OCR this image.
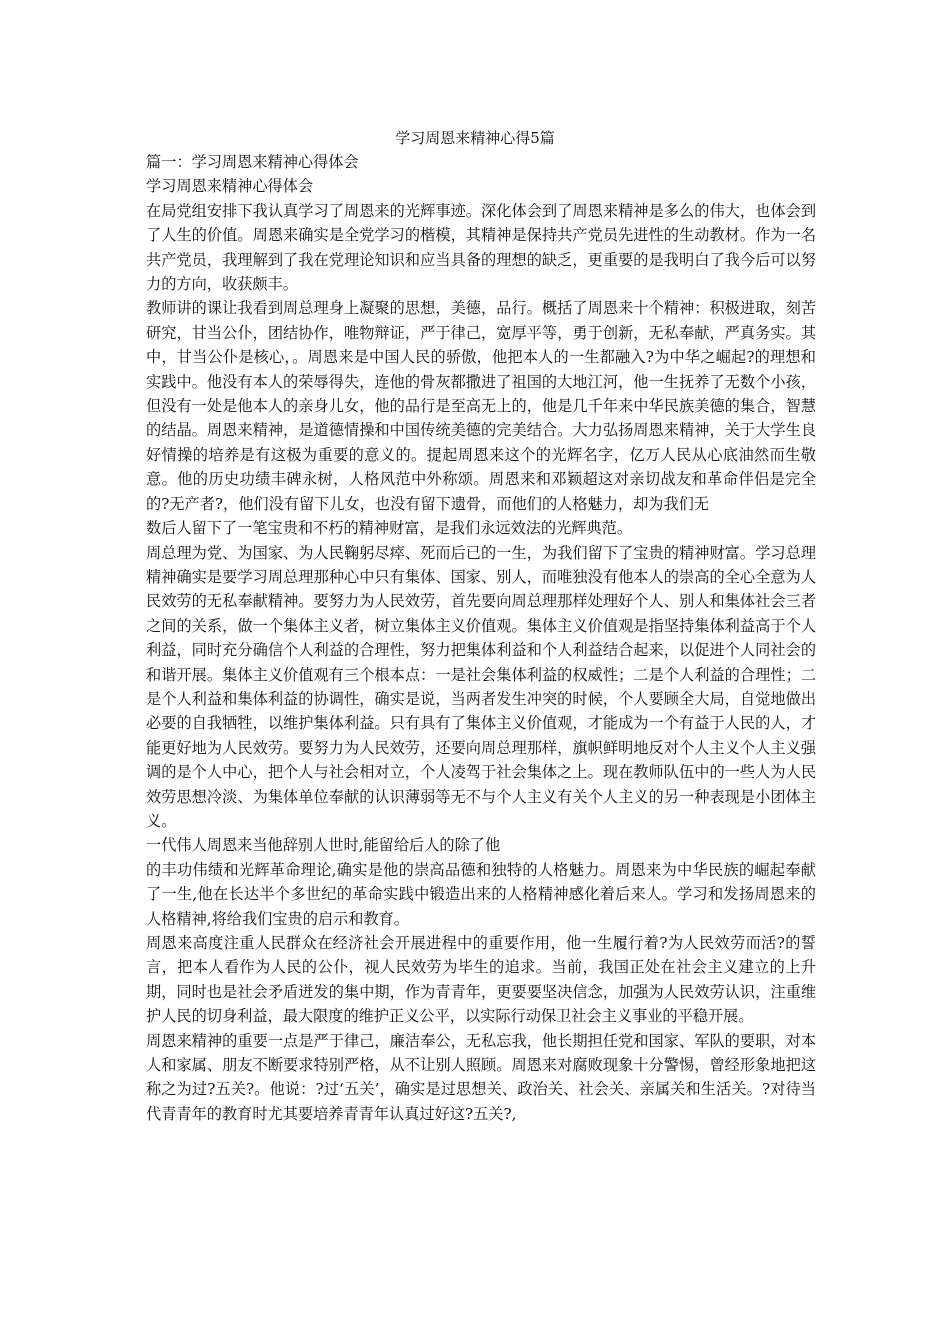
学习周恩来精神心得5篇

篇一：学习周恩来精神心得体会

学习周恩来精神心得体会

在局党组安排下我认真学习了周恩来的光辉事迹。深化体会到了周恩来精神是多么的伟大，也体会到了人生的价值。周恩来确实是全党学习的楷模，其精神是保持共产党员先进性的生动教材。作为一名共产党员，我理解到了我在党理论知识和应当具备的理想的缺乏，更重要的是我明白了我今后可以努力的方向，收获颇丰。

教师讲的课让我看到周总理身上凝聚的思想，美德，品行。概括了周恩来十个精神：积极进取，刻苦研究，甘当公仆，团结协作，唯物辩证，严于律己，宽厚平等，勇于创新，无私奉献，严真务实。其中，甘当公仆是核心，。周恩来是中国人民的骄傲，他把本人的一生都融入?为中华之崛起?的理想和实践中。他没有本人的荣辱得失，连他的骨灰都撒进了祖国的大地江河，他一生抚养了无数个小孩，但没有一处是他本人的亲身儿女，他的品行是至高无上的，他是几千年来中华民族美德的集合，智慧的结晶。周恩来精神，是道德情操和中国传统美德的完美结合。大力弘扬周恩来精神，关于大学生良好情操的培养是有这极为重要的意义的。提起周恩来这个的光辉名字，亿万人民从心底油然而生敬意。他的历史功绩丰碑永树，人格风范中外称颂。周恩来和邓颖超这对亲切战友和革命伴侣是完全的?无产者?，他们没有留下儿女，也没有留下遗骨，而他们的人格魅力，却为我们无

数后人留下了一笔宝贵和不朽的精神财富，是我们永远效法的光辉典范。

周总理为党、为国家、为人民鞠躬尽瘁、死而后已的一生，为我们留下了宝贵的精神财富。学习总理精神确实是要学习周总理那种心中只有集体、国家、别人，而唯独没有他本人的崇高的全心全意为人民效劳的无私奉献精神。要努力为人民效劳，首先要向周总理那样处理好个人、别人和集体社会三者之间的关系，做一个集体主义者，树立集体主义价值观。集体主义价值观是指坚持集体利益高于个人利益，同时充分确信个人利益的合理性，努力把集体利益和个人利益结合起来，以促进个人同社会的和谐开展。集体主义价值观有三个根本点：一是社会集体利益的权威性；二是个人利益的合理性；二是个人利益和集体利益的协调性，确实是说，当两者发生冲突的时候，个人要顾全大局，自觉地做出必要的自我牺牲，以维护集体利益。只有具有了集体主义价值观，才能成为一个有益于人民的人，才能更好地为人民效劳。要努力为人民效劳，还要向周总理那样，旗帜鲜明地反对个人主义个人主义强调的是个人中心，把个人与社会相对立，个人凌驾于社会集体之上。现在教师队伍中的一些人为人民效劳思想冷淡、为集体单位奉献的认识薄弱等无不与个人主义有关个人主义的另一种表现是小团体主义。

一代伟人周恩来当他辞别人世时,能留给后人的除了他

的丰功伟绩和光辉革命理论,确实是他的崇高品德和独特的人格魅力。周恩来为中华民族的崛起奉献了一生,他在长达半个多世纪的革命实践中锻造出来的人格精神感化着后来人。学习和发扬周恩来的人格精神,将给我们宝贵的启示和教育。

周恩来高度注重人民群众在经济社会开展进程中的重要作用，他一生履行着?为人民效劳而活?的誓言，把本人看作为人民的公仆，视人民效劳为毕生的追求。当前，我国正处在社会主义建立的上升期，同时也是社会矛盾迸发的集中期，作为青青年，更要要坚决信念，加强为人民效劳认识，注重维护人民的切身利益，最大限度的维护正义公平，以实际行动保卫社会主义事业的平稳开展。

周恩来精神的重要一点是严于律己，廉洁奉公，无私忘我，他长期担任党和国家、军队的要职，对本人和家属、朋友不断要求特别严格，从不让别人照顾。周恩来对腐败现象十分警惕，曾经形象地把这称之为过?五关?。他说：?过‘五关’，确实是过思想关、政治关、社会关、亲属关和生活关。?对待当代青青年的教育时尤其要培养青青年认真过好这?五关?,
